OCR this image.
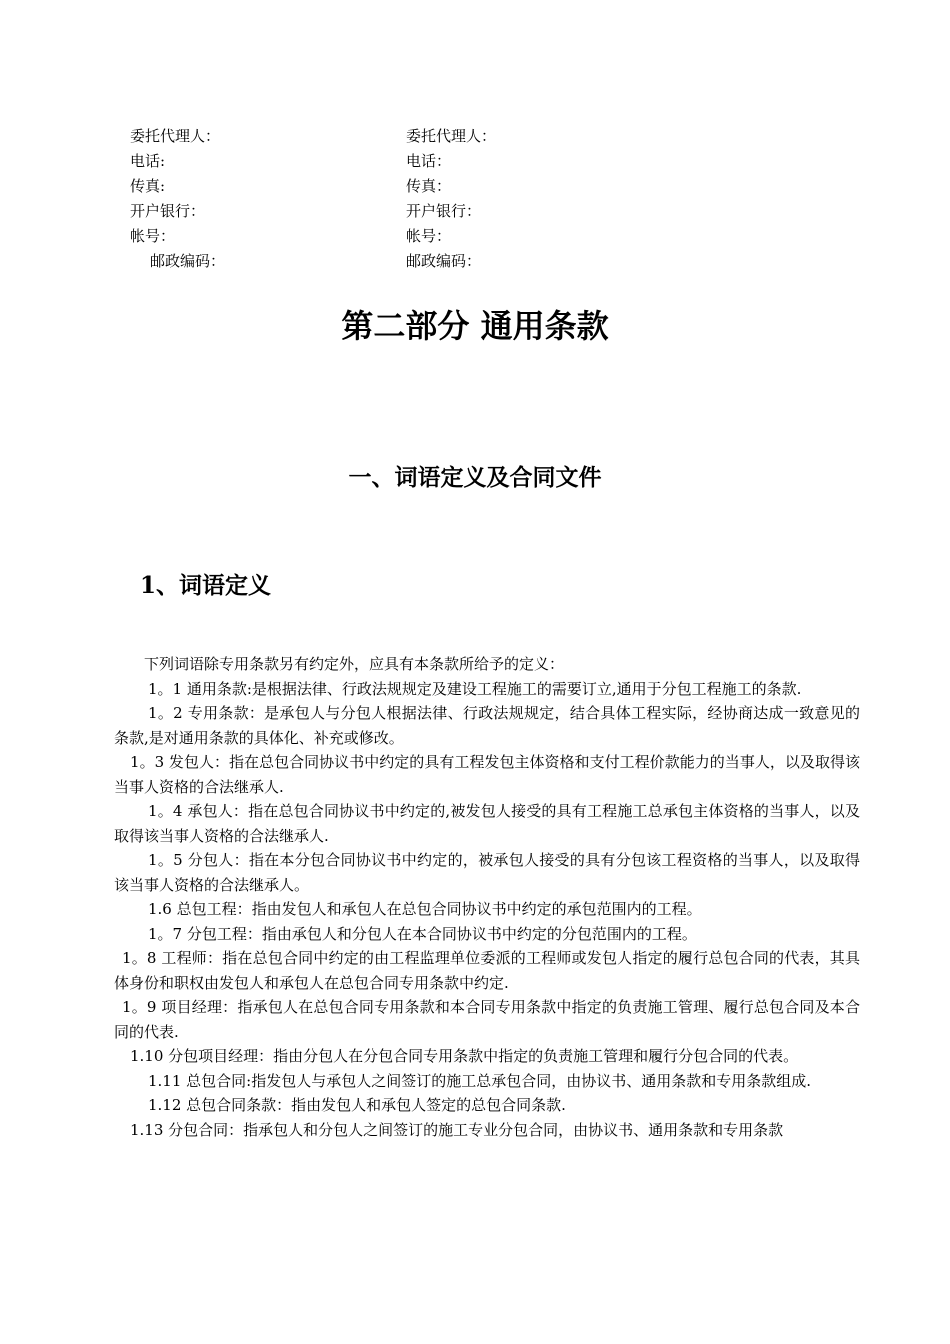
委托代理人：	委托代理人：
电话:	电话：
传真:	传真：
开户银行：	开户银行：
帐号：	帐号：
邮政编码：	邮政编码：
第二部分 通用条款
一、词语定义及合同文件
1、词语定义

下列词语除专用条款另有约定外，应具有本条款所给予的定义：

1。1 通用条款:是根据法律、行政法规规定及建设工程施工的需要订立,通用于分包工程施工的条款.

1。2 专用条款：是承包人与分包人根据法律、行政法规规定，结合具体工程实际，经协商达成一致意见的条款,是对通用条款的具体化、补充或修改。

1。3 发包人：指在总包合同协议书中约定的具有工程发包主体资格和支付工程价款能力的当事人，以及取得该当事人资格的合法继承人.

1。4 承包人：指在总包合同协议书中约定的,被发包人接受的具有工程施工总承包主体资格的当事人，以及取得该当事人资格的合法继承人.

1。5 分包人：指在本分包合同协议书中约定的，被承包人接受的具有分包该工程资格的当事人，以及取得该当事人资格的合法继承人。

1.6 总包工程：指由发包人和承包人在总包合同协议书中约定的承包范围内的工程。

1。7 分包工程：指由承包人和分包人在本合同协议书中约定的分包范围内的工程。

1。8 工程师：指在总包合同中约定的由工程监理单位委派的工程师或发包人指定的履行总包合同的代表，其具体身份和职权由发包人和承包人在总包合同专用条款中约定.

1。9 项目经理：指承包人在总包合同专用条款和本合同专用条款中指定的负责施工管理、履行总包合同及本合同的代表.

1.10 分包项目经理：指由分包人在分包合同专用条款中指定的负责施工管理和履行分包合同的代表。

1.11 总包合同:指发包人与承包人之间签订的施工总承包合同，由协议书、通用条款和专用条款组成.

1.12 总包合同条款：指由发包人和承包人签定的总包合同条款.

1.13 分包合同：指承包人和分包人之间签订的施工专业分包合同，由协议书、通用条款和专用条款
